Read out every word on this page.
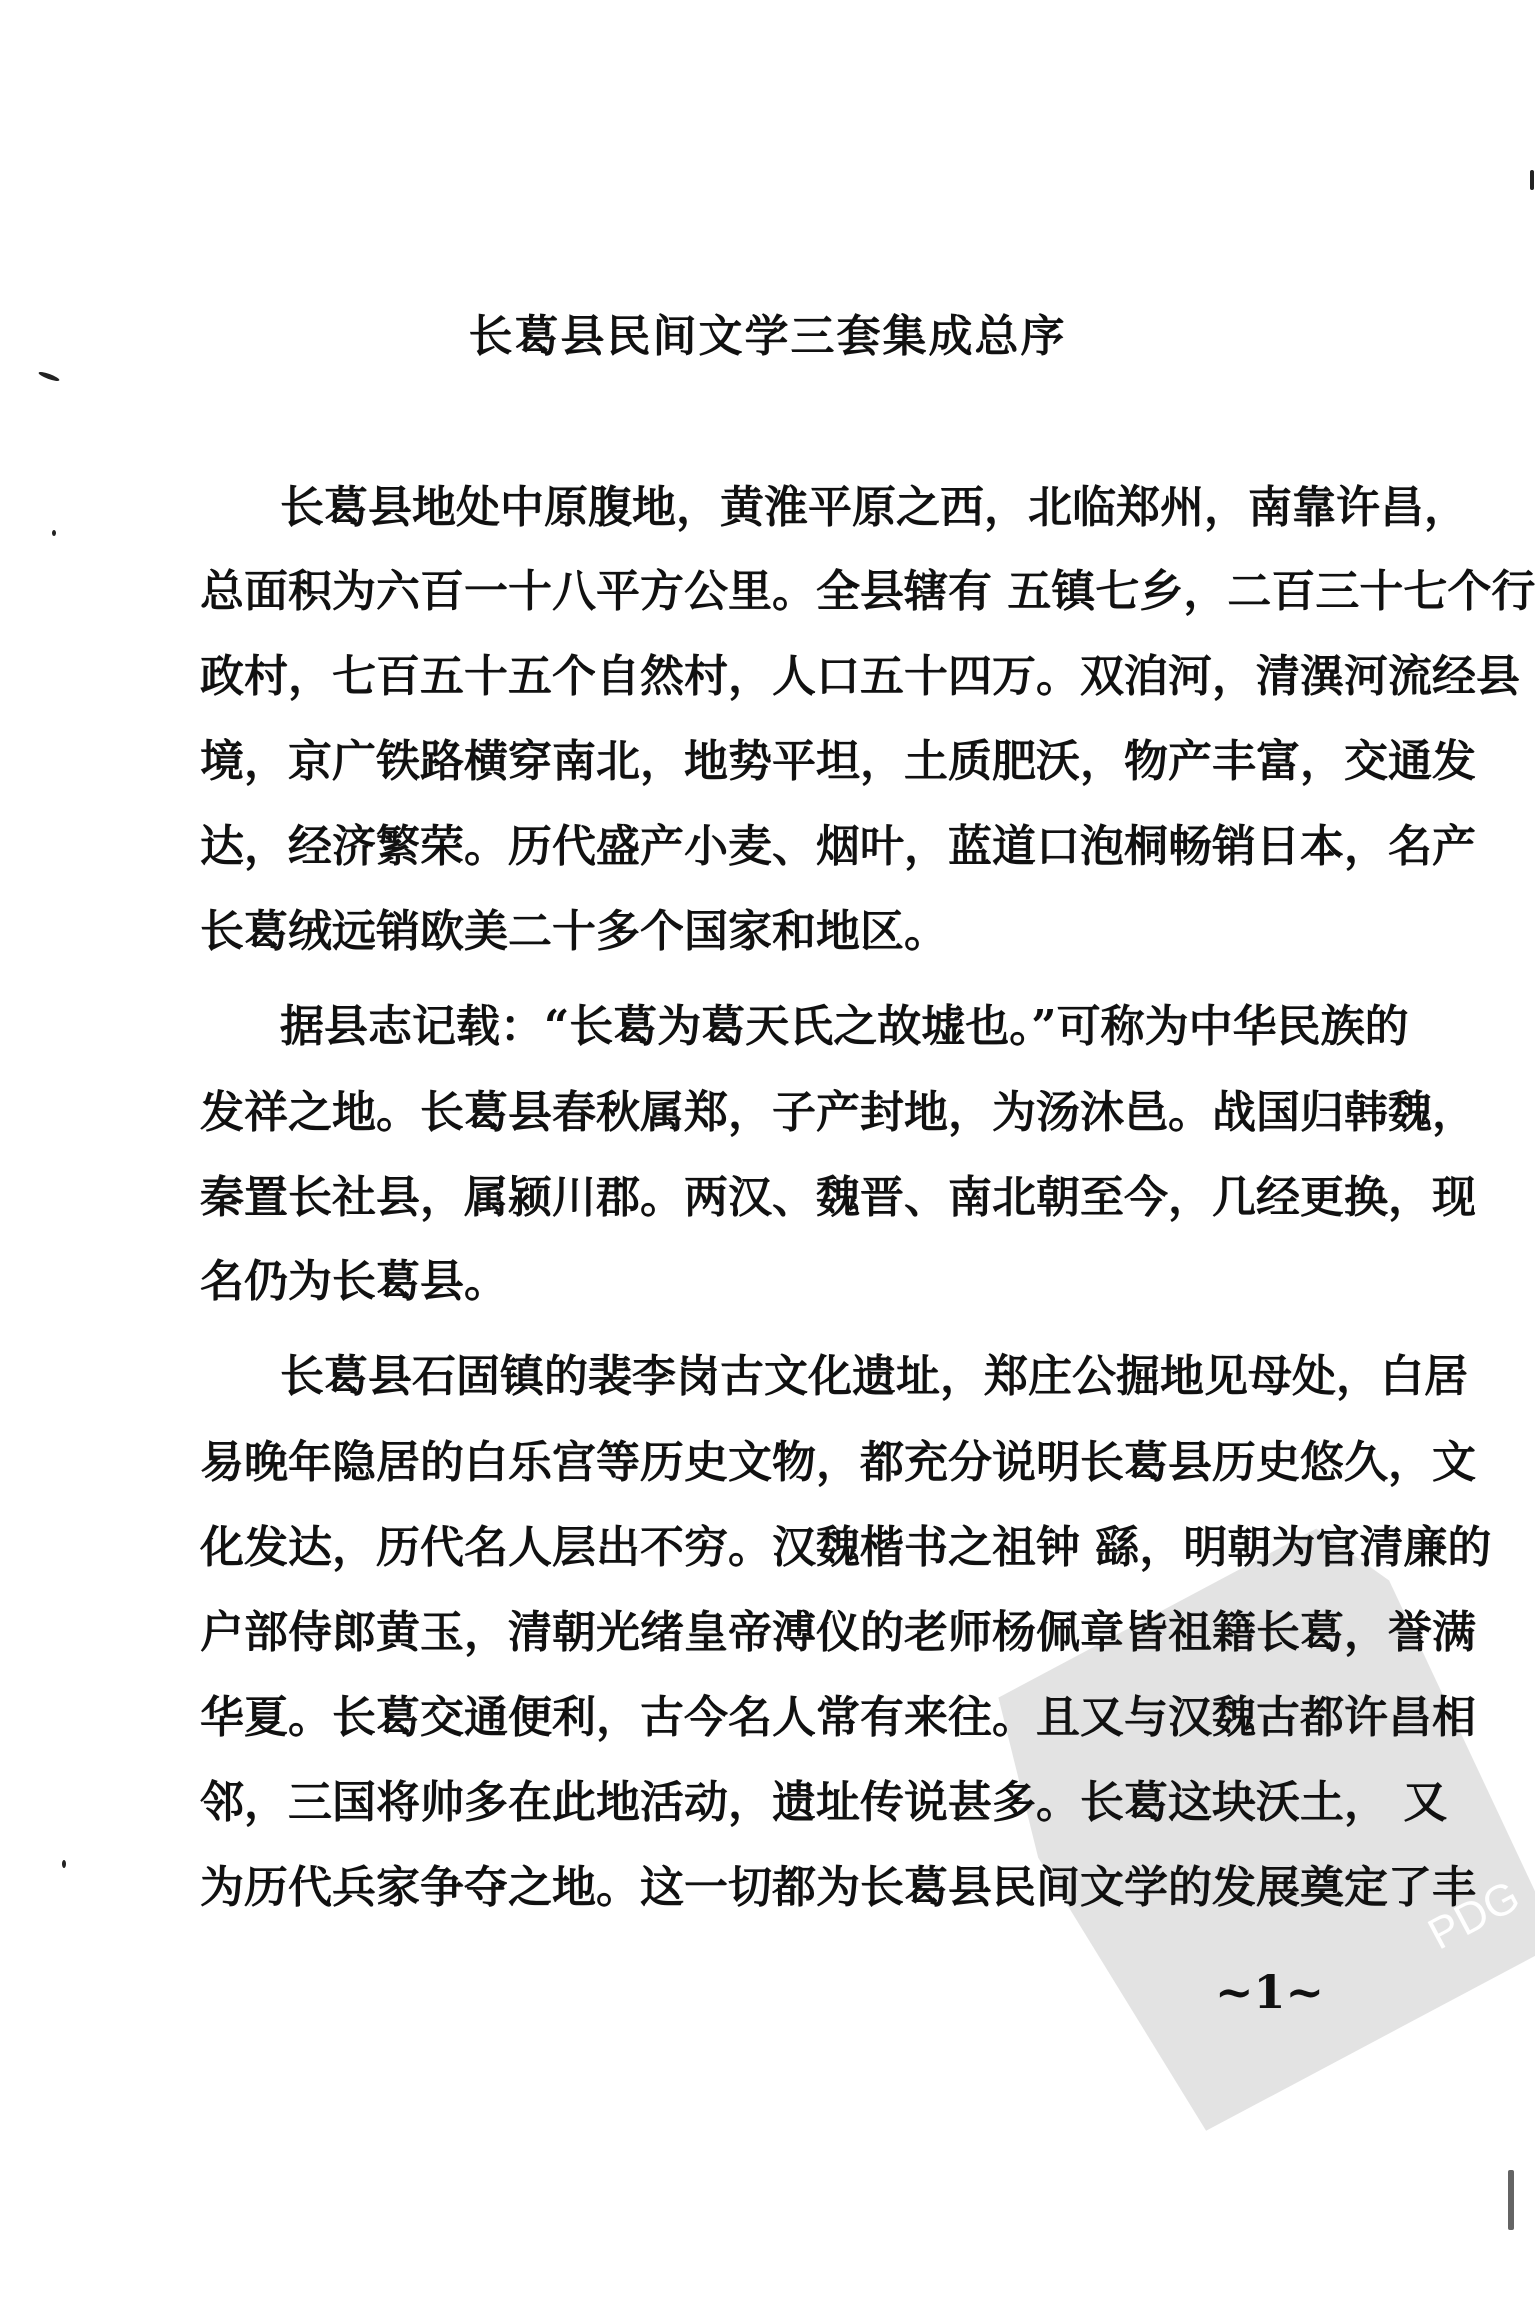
PDG
长葛县民间文学三套集成总序
长葛县地处中原腹地，黄淮平原之西，北临郑州，南靠许昌，
总面积为六百一十八平方公里。全县辖有 五镇七乡，二百三十七个行
政村，七百五十五个自然村，人口五十四万。双洎河，清潩河流经县
境，京广铁路横穿南北，地势平坦，土质肥沃，物产丰富，交通发
达，经济繁荣。历代盛产小麦、烟叶，蓝道口泡桐畅销日本，名产
长葛绒远销欧美二十多个国家和地区。
据县志记载：“长葛为葛天氏之故墟也。”可称为中华民族的
发祥之地。长葛县春秋属郑，子产封地，为汤沐邑。战国归韩魏，
秦置长社县，属颍川郡。两汉、魏晋、南北朝至今，几经更换，现
名仍为长葛县。
长葛县石固镇的裴李岗古文化遗址，郑庄公掘地见母处，白居
易晚年隐居的白乐宫等历史文物，都充分说明长葛县历史悠久，文
化发达，历代名人层出不穷。汉魏楷书之祖钟 繇，明朝为官清廉的
户部侍郎黄玉，清朝光绪皇帝溥仪的老师杨佩章皆祖籍长葛，誉满
华夏。长葛交通便利，古今名人常有来往。且又与汉魏古都许昌相
邻，三国将帅多在此地活动，遗址传说甚多。长葛这块沃土， 又
为历代兵家争夺之地。这一切都为长葛县民间文学的发展奠定了丰
~1~
